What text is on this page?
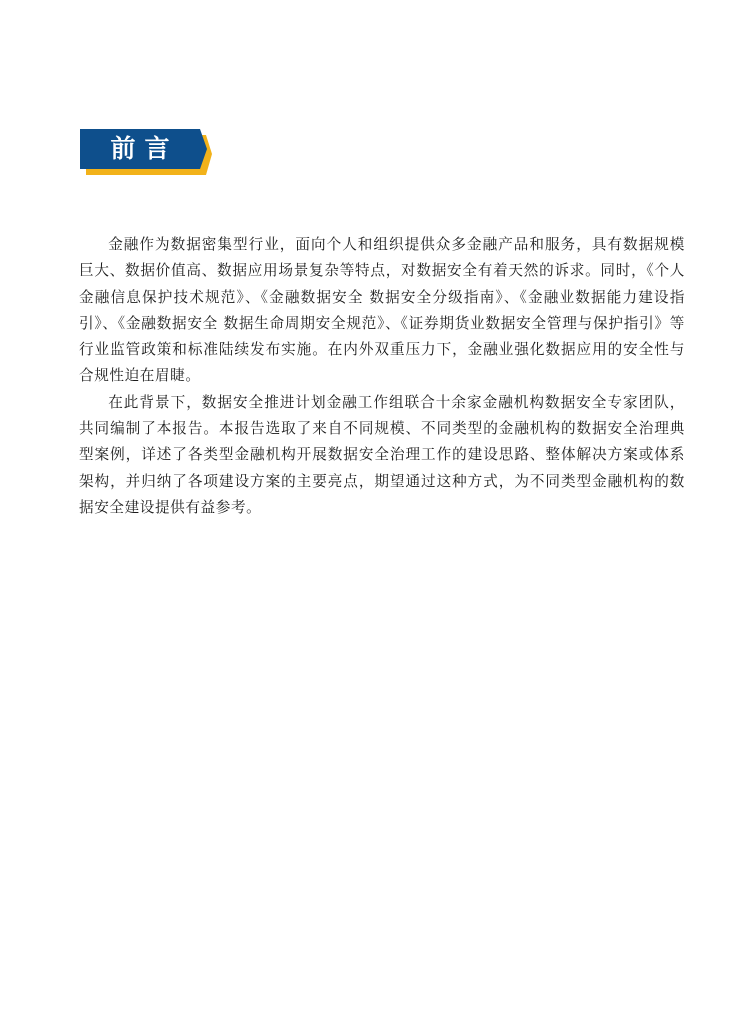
前言

金融作为数据密集型行业，面向个人和组织提供众多金融产品和服务，具有数据规模巨大、数据价值高、数据应用场景复杂等特点，对数据安全有着天然的诉求。同时，《个人金融信息保护技术规范》、《金融数据安全 数据安全分级指南》、《金融业数据能力建设指引》、《金融数据安全 数据生命周期安全规范》、《证券期货业数据安全管理与保护指引》等行业监管政策和标准陆续发布实施。在内外双重压力下，金融业强化数据应用的安全性与合规性迫在眉睫。

在此背景下，数据安全推进计划金融工作组联合十余家金融机构数据安全专家团队，共同编制了本报告。本报告选取了来自不同规模、不同类型的金融机构的数据安全治理典型案例，详述了各类型金融机构开展数据安全治理工作的建设思路、整体解决方案或体系架构，并归纳了各项建设方案的主要亮点，期望通过这种方式，为不同类型金融机构的数据安全建设提供有益参考。
